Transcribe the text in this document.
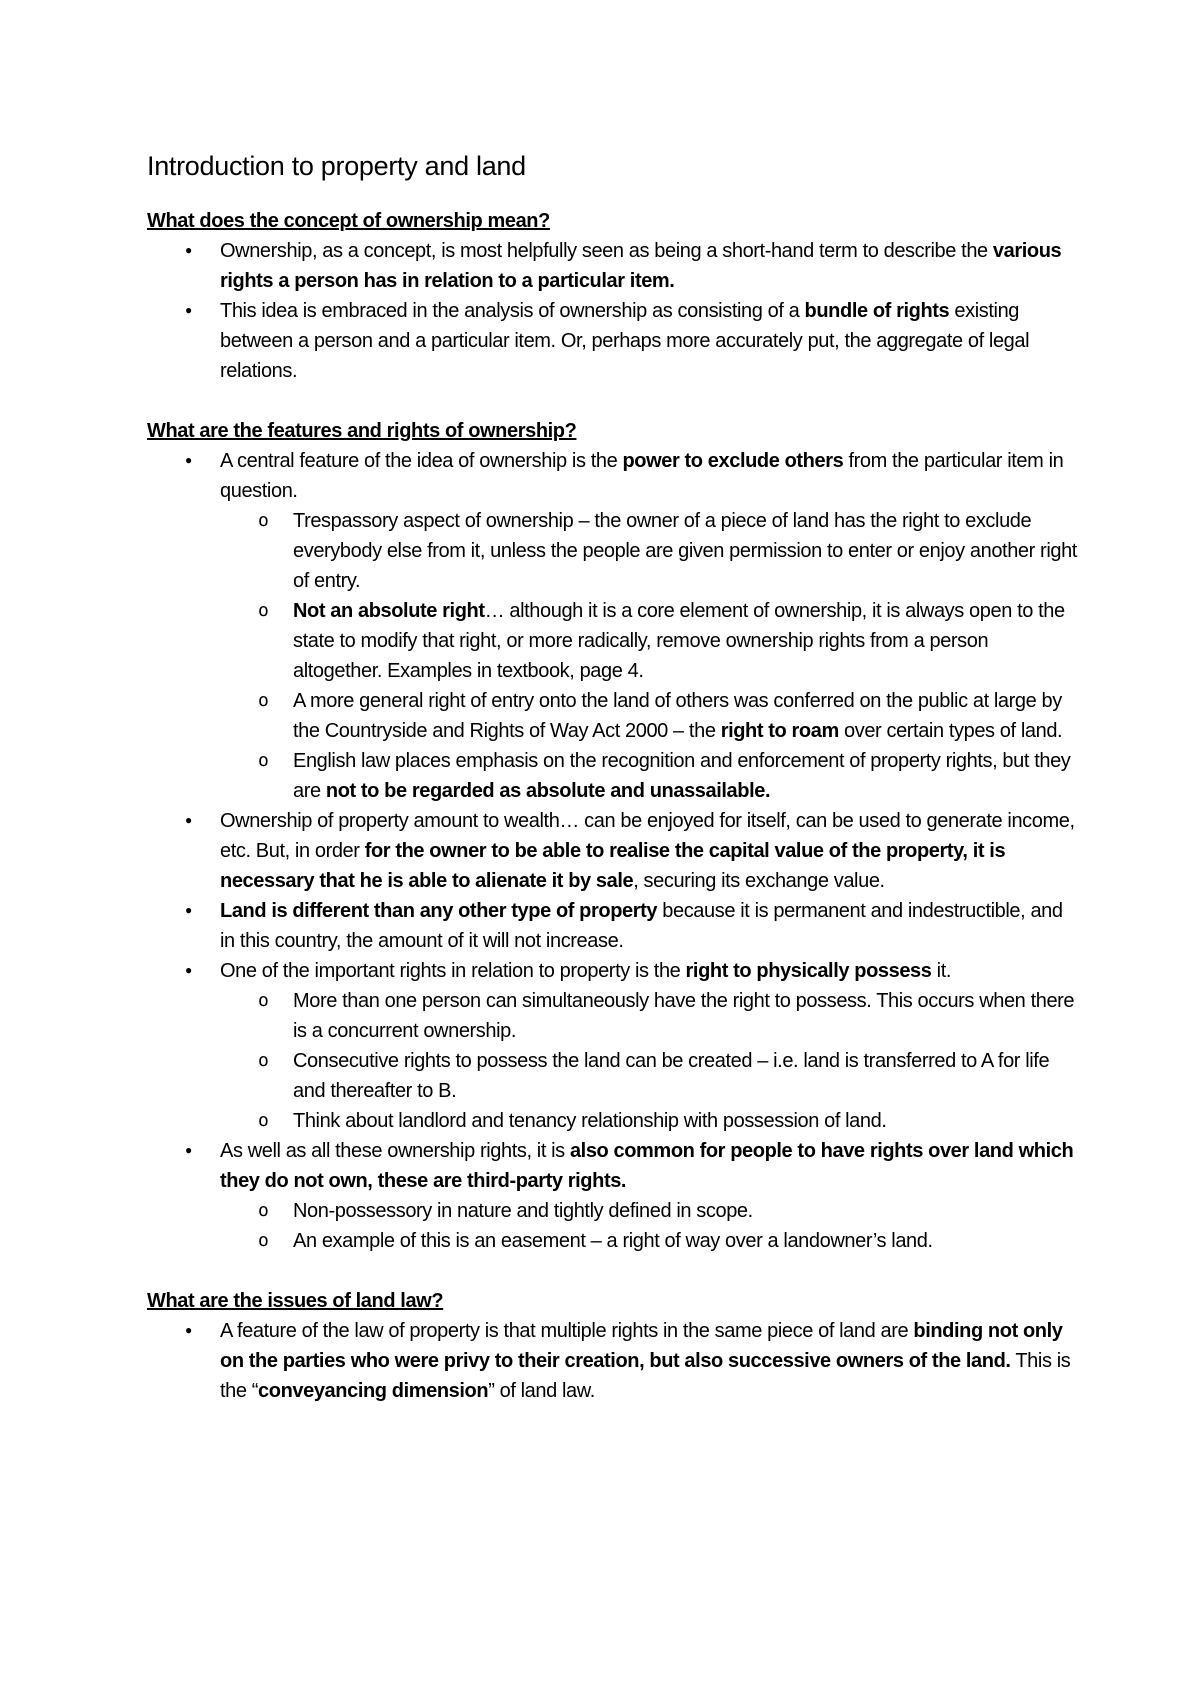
Introduction to property and land

What does the concept of ownership mean?

● Ownership, as a concept, is most helpfully seen as being a short-hand term to describe the various rights a person has in relation to a particular item.
● This idea is embraced in the analysis of ownership as consisting of a bundle of rights existing between a person and a particular item. Or, perhaps more accurately put, the aggregate of legal relations.

What are the features and rights of ownership?

● A central feature of the idea of ownership is the power to exclude others from the particular item in question.
o Trespassory aspect of ownership – the owner of a piece of land has the right to exclude everybody else from it, unless the people are given permission to enter or enjoy another right of entry.
o Not an absolute right… although it is a core element of ownership, it is always open to the state to modify that right, or more radically, remove ownership rights from a person altogether. Examples in textbook, page 4.
o A more general right of entry onto the land of others was conferred on the public at large by the Countryside and Rights of Way Act 2000 – the right to roam over certain types of land.
o English law places emphasis on the recognition and enforcement of property rights, but they are not to be regarded as absolute and unassailable.
● Ownership of property amount to wealth… can be enjoyed for itself, can be used to generate income, etc. But, in order for the owner to be able to realise the capital value of the property, it is necessary that he is able to alienate it by sale, securing its exchange value.
● Land is different than any other type of property because it is permanent and indestructible, and in this country, the amount of it will not increase.
● One of the important rights in relation to property is the right to physically possess it.
o More than one person can simultaneously have the right to possess. This occurs when there is a concurrent ownership.
o Consecutive rights to possess the land can be created – i.e. land is transferred to A for life and thereafter to B.
o Think about landlord and tenancy relationship with possession of land.
● As well as all these ownership rights, it is also common for people to have rights over land which they do not own, these are third-party rights.
o Non-possessory in nature and tightly defined in scope.
o An example of this is an easement – a right of way over a landowner’s land.

What are the issues of land law?

● A feature of the law of property is that multiple rights in the same piece of land are binding not only on the parties who were privy to their creation, but also successive owners of the land. This is the “conveyancing dimension” of land law.
